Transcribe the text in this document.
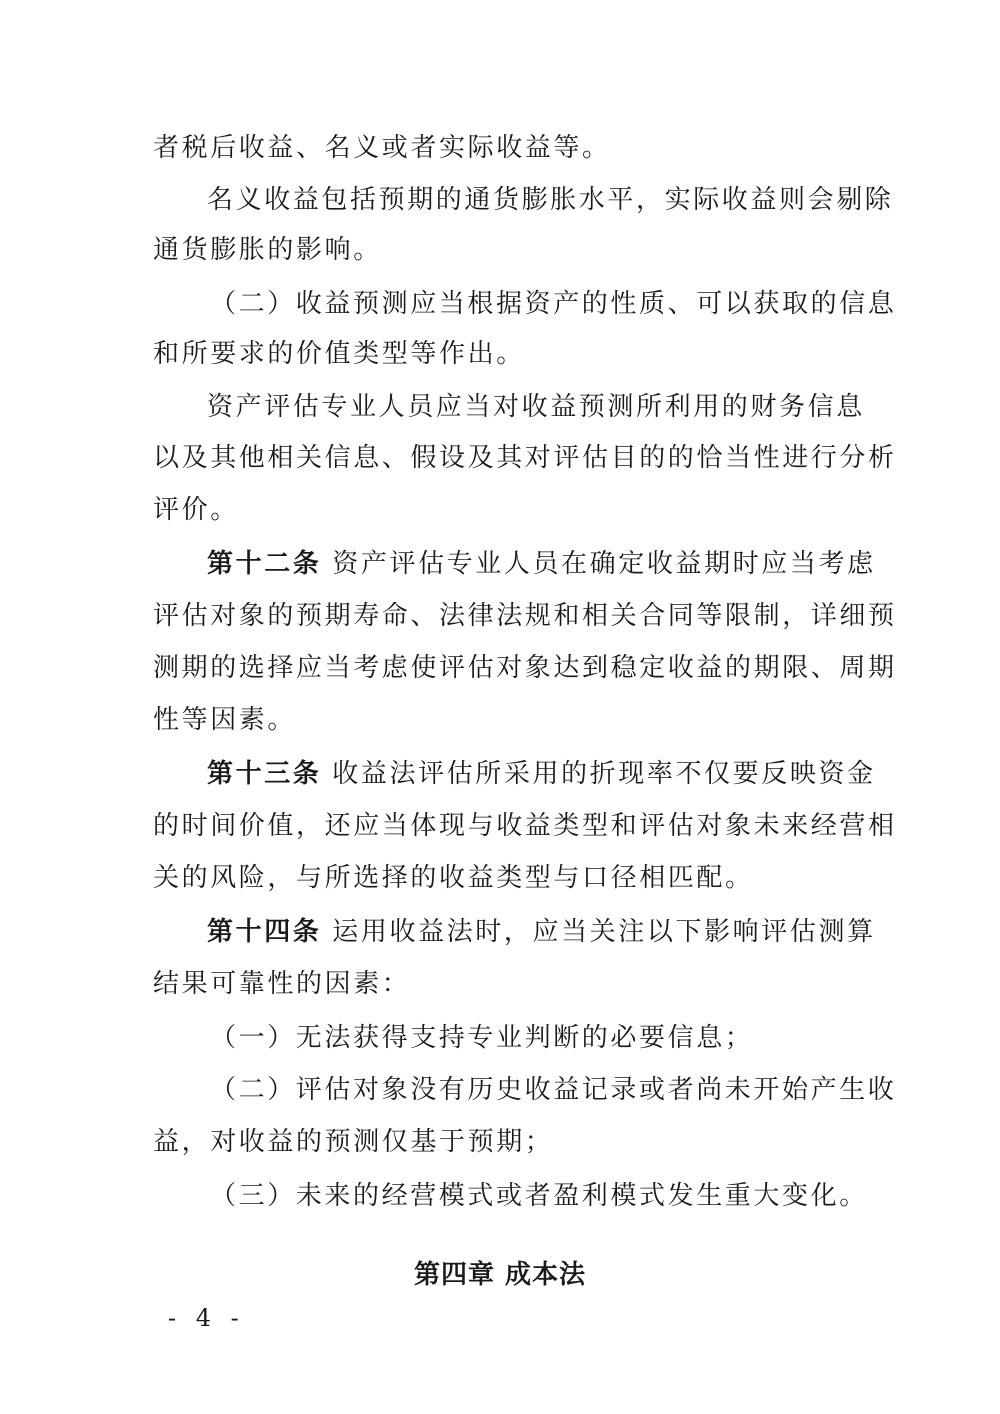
者税后收益、名义或者实际收益等。
名义收益包括预期的通货膨胀水平，实际收益则会剔除
通货膨胀的影响。
（二）收益预测应当根据资产的性质、可以获取的信息
和所要求的价值类型等作出。
资产评估专业人员应当对收益预测所利用的财务信息
以及其他相关信息、假设及其对评估目的的恰当性进行分析
评价。
第十二条 资产评估专业人员在确定收益期时应当考虑
评估对象的预期寿命、法律法规和相关合同等限制，详细预
测期的选择应当考虑使评估对象达到稳定收益的期限、周期
性等因素。
第十三条 收益法评估所采用的折现率不仅要反映资金
的时间价值，还应当体现与收益类型和评估对象未来经营相
关的风险，与所选择的收益类型与口径相匹配。
第十四条 运用收益法时，应当关注以下影响评估测算
结果可靠性的因素：
（一）无法获得支持专业判断的必要信息；
（二）评估对象没有历史收益记录或者尚未开始产生收
益，对收益的预测仅基于预期；
（三）未来的经营模式或者盈利模式发生重大变化。
第四章 成本法
- 4 -
